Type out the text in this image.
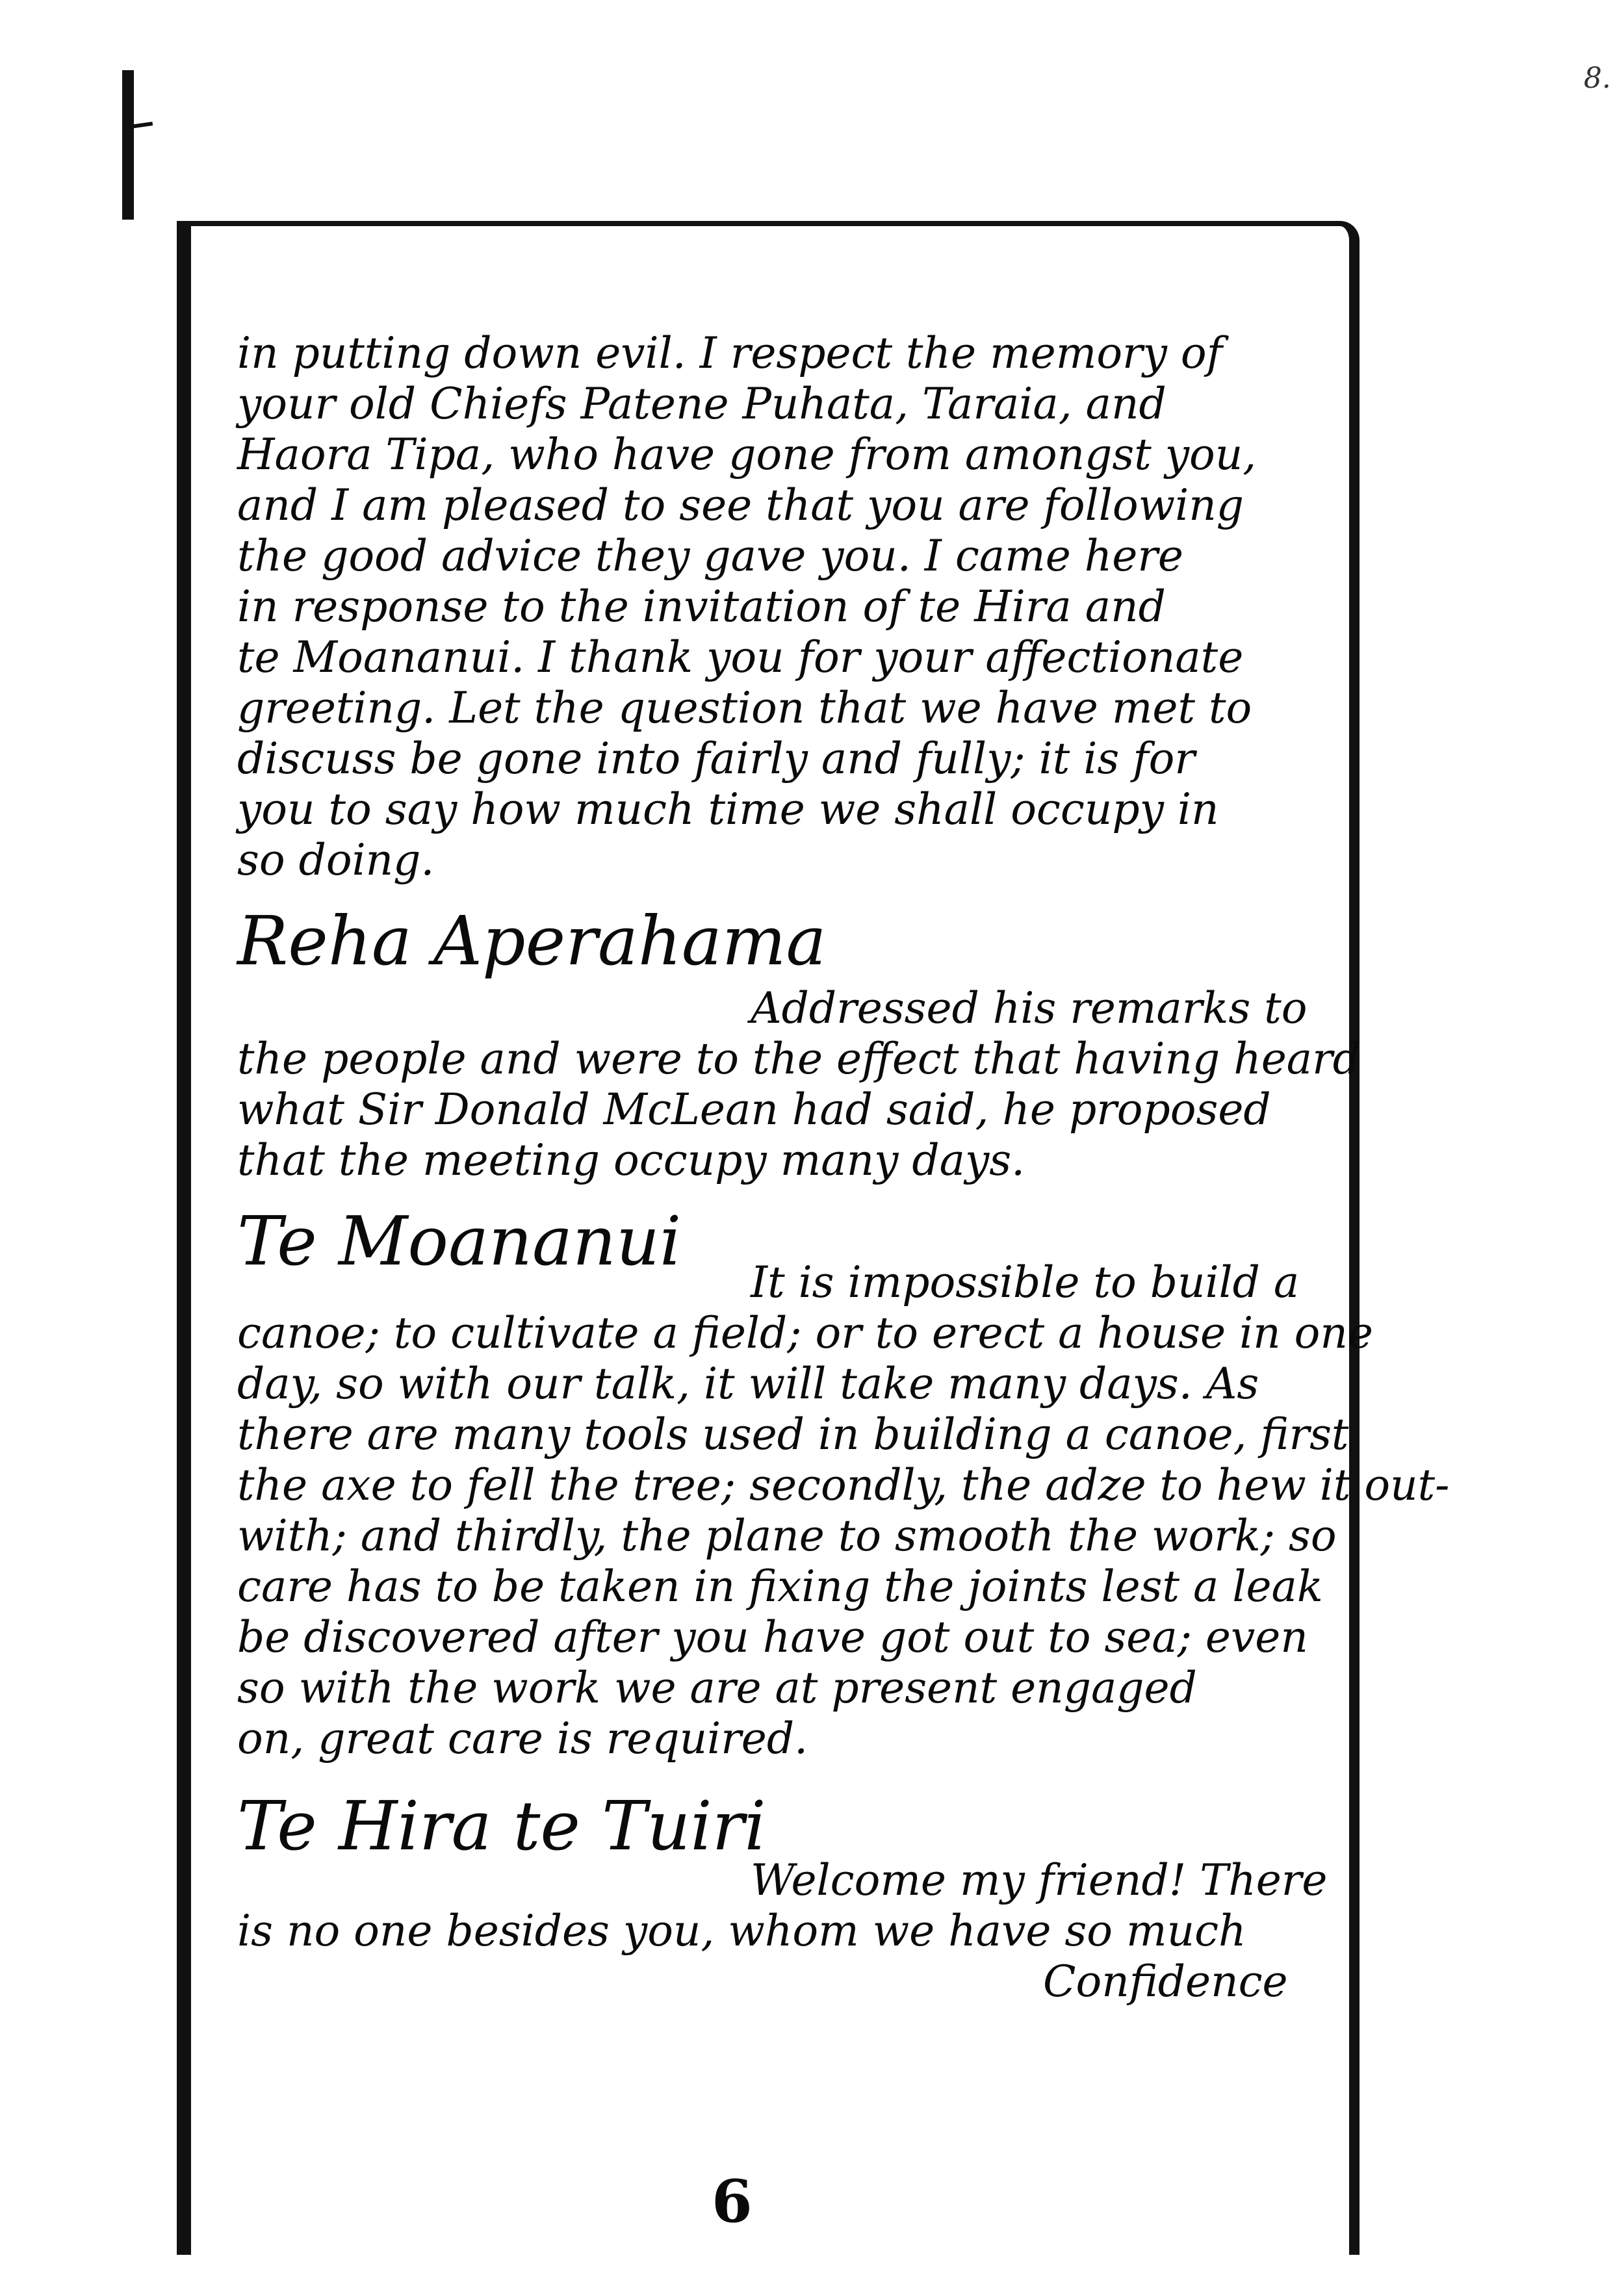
8.
in putting down evil. I respect the memory of
your old Chiefs Patene Puhata, Taraia, and
Haora Tipa, who have gone from amongst you,
and I am pleased to see that you are following
the good advice they gave you. I came here
in response to the invitation of te Hira and
te Moananui. I thank you for your affectionate
greeting. Let the question that we have met to
discuss be gone into fairly and fully; it is for
you to say how much time we shall occupy in
so doing.
Reha Aperahama
Addressed his remarks to
the people and were to the effect that having heard
what Sir Donald McLean had said, he proposed
that the meeting occupy many days.
Te Moananui
It is impossible to build a
canoe; to cultivate a field; or to erect a house in one
day, so with our talk, it will take many days. As
there are many tools used in building a canoe, first
the axe to fell the tree; secondly, the adze to hew it out-
with; and thirdly, the plane to smooth the work; so
care has to be taken in fixing the joints lest a leak
be discovered after you have got out to sea; even
so with the work we are at present engaged
on, great care is required.
Te Hira te Tuiri
Welcome my friend! There
is no one besides you, whom we have so much
Confidence
6
